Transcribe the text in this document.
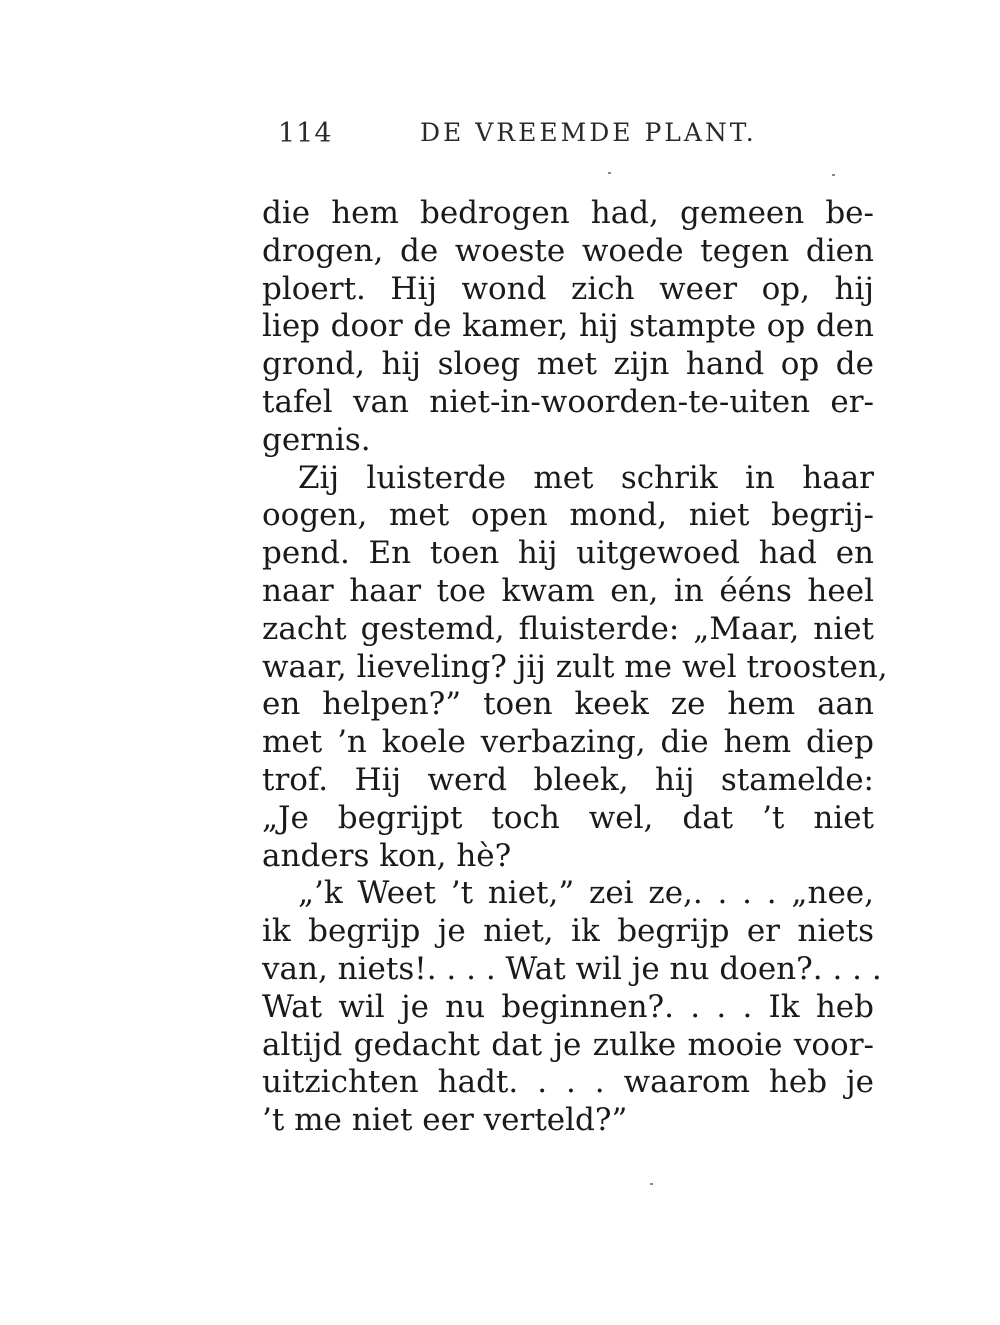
114	DE VREEMDE PLANT.
die hem bedrogen had, gemeen be-
drogen, de woeste woede tegen dien
ploert. Hij wond zich weer op, hij
liep door de kamer, hij stampte op den
grond, hij sloeg met zijn hand op de
tafel van niet-in-woorden-te-uiten er-
gernis.
Zij luisterde met schrik in haar
oogen, met open mond, niet begrij-
pend. En toen hij uitgewoed had en
naar haar toe kwam en, in ééns heel
zacht gestemd, fluisterde: „Maar, niet
waar, lieveling? jij zult me wel troosten,
en helpen?” toen keek ze hem aan
met ’n koele verbazing, die hem diep
trof. Hij werd bleek, hij stamelde:
„Je begrijpt toch wel, dat ’t niet
anders kon, hè?
„’k Weet ’t niet,” zei ze,. . . . „nee,
ik begrijp je niet, ik begrijp er niets
van, niets!. . . . Wat wil je nu doen?. . . .
Wat wil je nu beginnen?. . . . Ik heb
altijd gedacht dat je zulke mooie voor-
uitzichten hadt. . . . waarom heb je
’t me niet eer verteld?”
